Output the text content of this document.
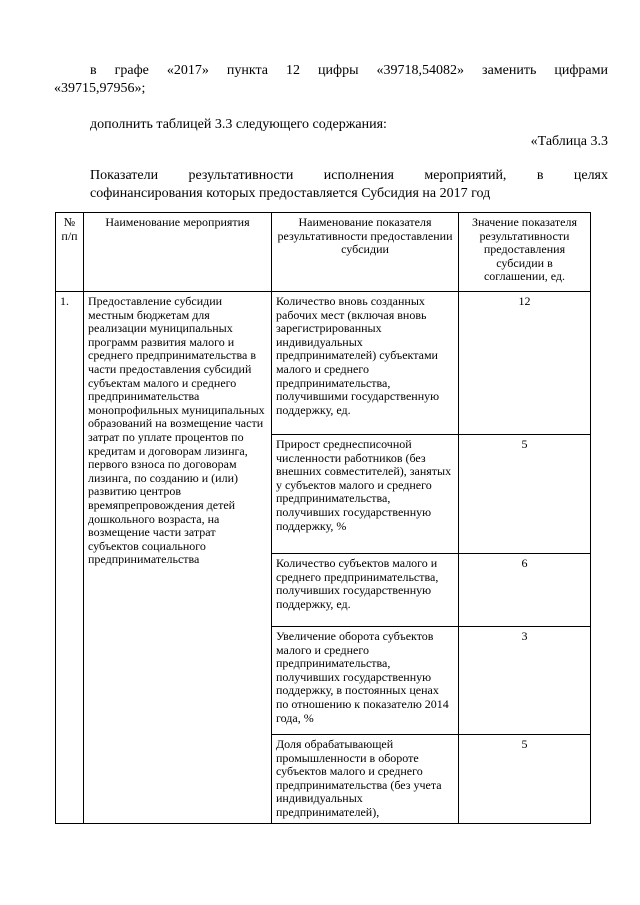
в графе «2017» пункта 12 цифры «39718,54082» заменить цифрами

«39715,97956»;

дополнить таблицей 3.3 следующего содержания:

«Таблица 3.3

Показатели результативности исполнения мероприятий, в целях

софинансирования которых предоставляется Субсидия на 2017 год

№ п/п	Наименование мероприятия	Наименование показателя результативности предоставлении субсидии	Значение показателя результативности предоставления субсидии в соглашении, ед.
1.	Предоставление субсидии местным бюджетам для реализации муниципальных программ развития малого и среднего предпринимательства в части предоставления субсидий субъектам малого и среднего предпринимательства монопрофильных муниципальных образований на возмещение части затрат по уплате процентов по кредитам и договорам лизинга, первого взноса по договорам лизинга, по созданию и (или) развитию центров времяпрепровождения детей дошкольного возраста, на возмещение части затрат субъектов социального предпринимательства	Количество вновь созданных рабочих мест (включая вновь зарегистрированных индивидуальных предпринимателей) субъектами малого и среднего предпринимательства, получившими государственную поддержку, ед.	12
		Прирост среднесписочной численности работников (без внешних совместителей), занятых у субъектов малого и среднего предпринимательства, получивших государственную поддержку, %	5
		Количество субъектов малого и среднего предпринимательства, получивших государственную поддержку, ед.	6
		Увеличение оборота субъектов малого и среднего предпринимательства, получивших государственную поддержку, в постоянных ценах по отношению к показателю 2014 года, %	3
		Доля обрабатывающей промышленности в обороте субъектов малого и среднего предпринимательства (без учета индивидуальных предпринимателей),	5
